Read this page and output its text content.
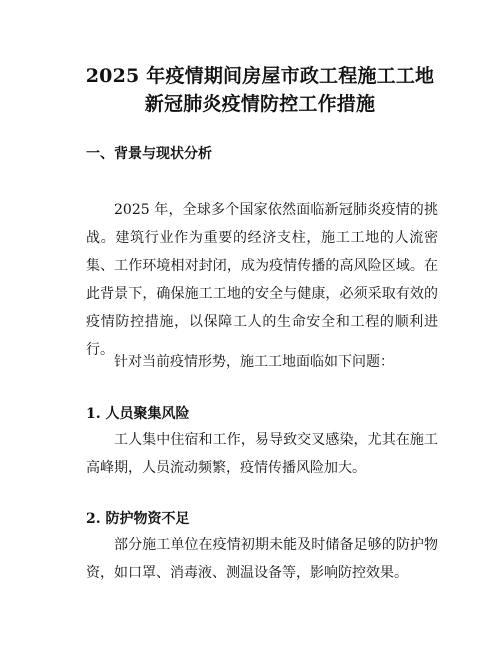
2025 年疫情期间房屋市政工程施工工地
新冠肺炎疫情防控工作措施
一、背景与现状分析
2025 年，全球多个国家依然面临新冠肺炎疫情的挑战。建筑行业作为重要的经济支柱，施工工地的人流密集、工作环境相对封闭，成为疫情传播的高风险区域。在此背景下，确保施工工地的安全与健康，必须采取有效的疫情防控措施，以保障工人的生命安全和工程的顺利进行。
针对当前疫情形势，施工工地面临如下问题：
1. 人员聚集风险
工人集中住宿和工作，易导致交叉感染，尤其在施工高峰期，人员流动频繁，疫情传播风险加大。
2. 防护物资不足
部分施工单位在疫情初期未能及时储备足够的防护物资，如口罩、消毒液、测温设备等，影响防控效果。
